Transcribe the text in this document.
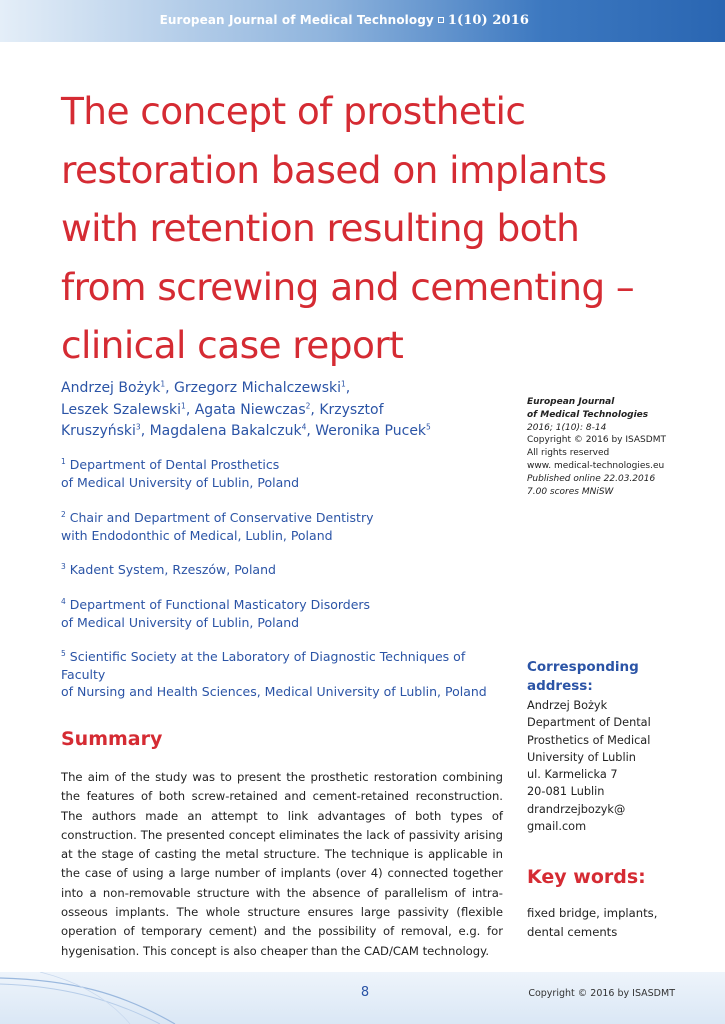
European Journal of Medical Technology 1(10) 2016
The concept of prosthetic
restoration based on implants
with retention resulting both
from screwing and cementing –
clinical case report
Andrzej Bożyk$^1$, Grzegorz Michalczewski$^1$,
Leszek Szalewski$^1$, Agata Niewczas$^2$, Krzysztof
Kruszyński$^3$, Magdalena Bakalczuk$^4$, Weronika Pucek$^5$
$^1$ Department of Dental Prosthetics
of Medical University of Lublin, Poland
$^2$ Chair and Department of Conservative Dentistry
with Endodonthic of Medical, Lublin, Poland
$^3$ Kadent System, Rzeszów, Poland
$^4$ Department of Functional Masticatory Disorders
of Medical University of Lublin, Poland
$^5$ Scientific Society at the Laboratory of Diagnostic Techniques of Faculty
of Nursing and Health Sciences, Medical University of Lublin, Poland
European Journal
of Medical Technologies
2016; 1(10): 8-14
Copyright © 2016 by ISASDMT
All rights reserved
www. medical-technologies.eu
Published online 22.03.2016
7.00 scores MNiSW
Summary

The aim of the study was to present the prosthetic restoration combining the features of both screw-retained and cement-retained reconstruction. The authors made an attempt to link advantages of both types of construction. The presented concept eliminates the lack of passivity arising at the stage of casting the metal structure. The technique is applicable in the case of using a large number of implants (over 4) connected together into a non-removable structure with the absence of parallelism of intra-osseous implants. The whole structure ensures large passivity (flexible operation of temporary cement) and the possibility of removal, e.g. for hygenisation. This concept is also cheaper than the CAD/CAM technology.

Corresponding
address:
Andrzej Bożyk
Department of Dental
Prosthetics of Medical
University of Lublin
ul. Karmelicka 7
20-081 Lublin
drandrzejbozyk@
gmail.com
Key words:
fixed bridge, implants,
dental cements
8	Copyright © 2016 by ISASDMT
